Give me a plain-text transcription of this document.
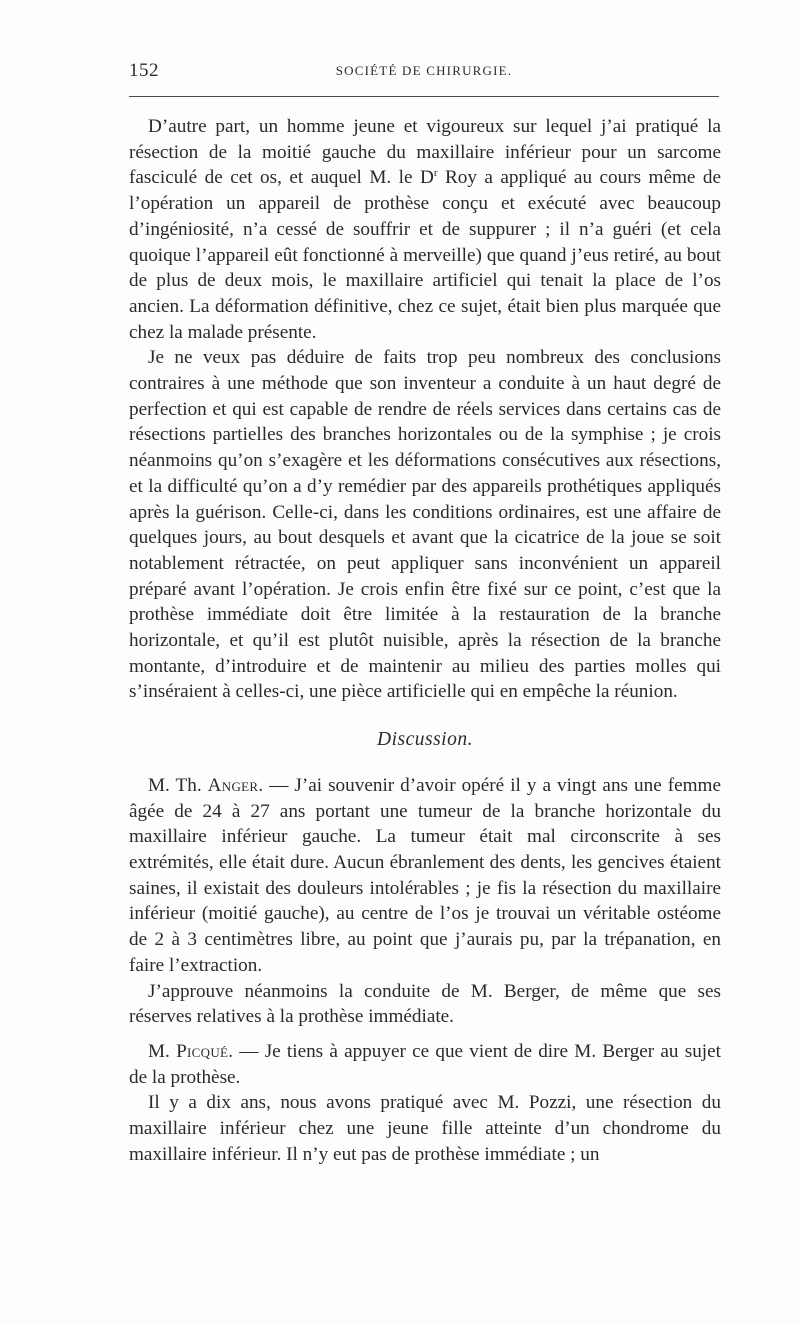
152	SOCIÉTÉ DE CHIRURGIE.

D’autre part, un homme jeune et vigoureux sur lequel j’ai pratiqué la résection de la moitié gauche du maxillaire inférieur pour un sarcome fasciculé de cet os, et auquel M. le $D^r$ Roy a appliqué au cours même de l’opération un appareil de prothèse conçu et exécuté avec beaucoup d’ingéniosité, n’a cessé de souffrir et de suppurer ; il n’a guéri (et cela quoique l’appareil eût fonctionné à merveille) que quand j’eus retiré, au bout de plus de deux mois, le maxillaire artificiel qui tenait la place de l’os ancien. La déformation définitive, chez ce sujet, était bien plus marquée que chez la malade présente.

Je ne veux pas déduire de faits trop peu nombreux des conclusions contraires à une méthode que son inventeur a conduite à un haut degré de perfection et qui est capable de rendre de réels services dans certains cas de résections partielles des branches horizontales ou de la symphise ; je crois néanmoins qu’on s’exagère et les déformations consécutives aux résections, et la difficulté qu’on a d’y remédier par des appareils prothétiques appliqués après la guérison. Celle-ci, dans les conditions ordinaires, est une affaire de quelques jours, au bout desquels et avant que la cicatrice de la joue se soit notablement rétractée, on peut appliquer sans inconvénient un appareil préparé avant l’opération. Je crois enfin être fixé sur ce point, c’est que la prothèse immédiate doit être limitée à la restauration de la branche horizontale, et qu’il est plutôt nuisible, après la résection de la branche montante, d’introduire et de maintenir au milieu des parties molles qui s’inséraient à celles-ci, une pièce artificielle qui en empêche la réunion.

Discussion.

M. Th. Anger. — J’ai souvenir d’avoir opéré il y a vingt ans une femme âgée de 24 à 27 ans portant une tumeur de la branche horizontale du maxillaire inférieur gauche. La tumeur était mal circonscrite à ses extrémités, elle était dure. Aucun ébranlement des dents, les gencives étaient saines, il existait des douleurs intolérables ; je fis la résection du maxillaire inférieur (moitié gauche), au centre de l’os je trouvai un véritable ostéome de 2 à 3 centimètres libre, au point que j’aurais pu, par la trépanation, en faire l’extraction.

J’approuve néanmoins la conduite de M. Berger, de même que ses réserves relatives à la prothèse immédiate.

M. Picqué. — Je tiens à appuyer ce que vient de dire M. Berger au sujet de la prothèse.

Il y a dix ans, nous avons pratiqué avec M. Pozzi, une résection du maxillaire inférieur chez une jeune fille atteinte d’un chondrome du maxillaire inférieur. Il n’y eut pas de prothèse immédiate ; un
